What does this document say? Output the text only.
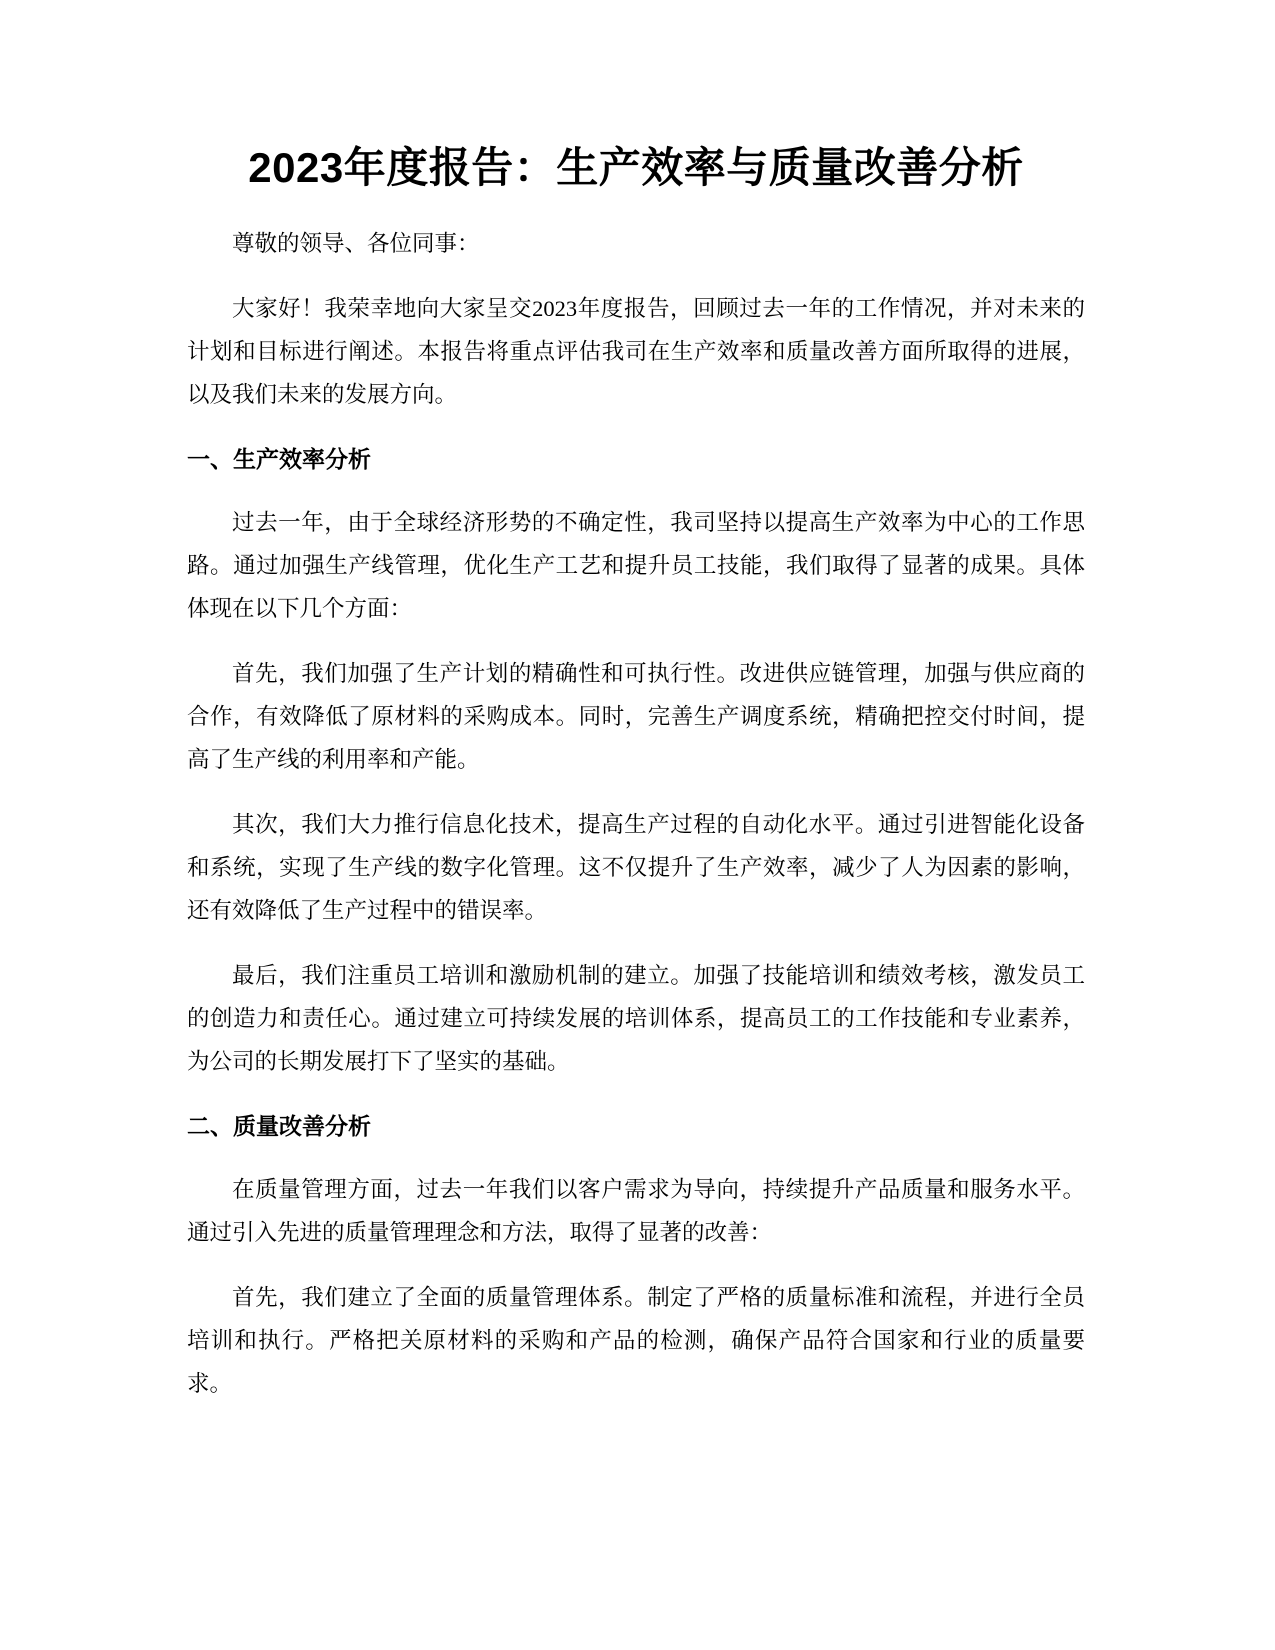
2023年度报告：生产效率与质量改善分析

尊敬的领导、各位同事：

大家好！我荣幸地向大家呈交2023年度报告，回顾过去一年的工作情况，并对未来的计划和目标进行阐述。本报告将重点评估我司在生产效率和质量改善方面所取得的进展，以及我们未来的发展方向。

一、生产效率分析

过去一年，由于全球经济形势的不确定性，我司坚持以提高生产效率为中心的工作思路。通过加强生产线管理，优化生产工艺和提升员工技能，我们取得了显著的成果。具体体现在以下几个方面：

首先，我们加强了生产计划的精确性和可执行性。改进供应链管理，加强与供应商的合作，有效降低了原材料的采购成本。同时，完善生产调度系统，精确把控交付时间，提高了生产线的利用率和产能。

其次，我们大力推行信息化技术，提高生产过程的自动化水平。通过引进智能化设备和系统，实现了生产线的数字化管理。这不仅提升了生产效率，减少了人为因素的影响，还有效降低了生产过程中的错误率。

最后，我们注重员工培训和激励机制的建立。加强了技能培训和绩效考核，激发员工的创造力和责任心。通过建立可持续发展的培训体系，提高员工的工作技能和专业素养，为公司的长期发展打下了坚实的基础。

二、质量改善分析

在质量管理方面，过去一年我们以客户需求为导向，持续提升产品质量和服务水平。通过引入先进的质量管理理念和方法，取得了显著的改善：

首先，我们建立了全面的质量管理体系。制定了严格的质量标准和流程，并进行全员培训和执行。严格把关原材料的采购和产品的检测，确保产品符合国家和行业的质量要求。
